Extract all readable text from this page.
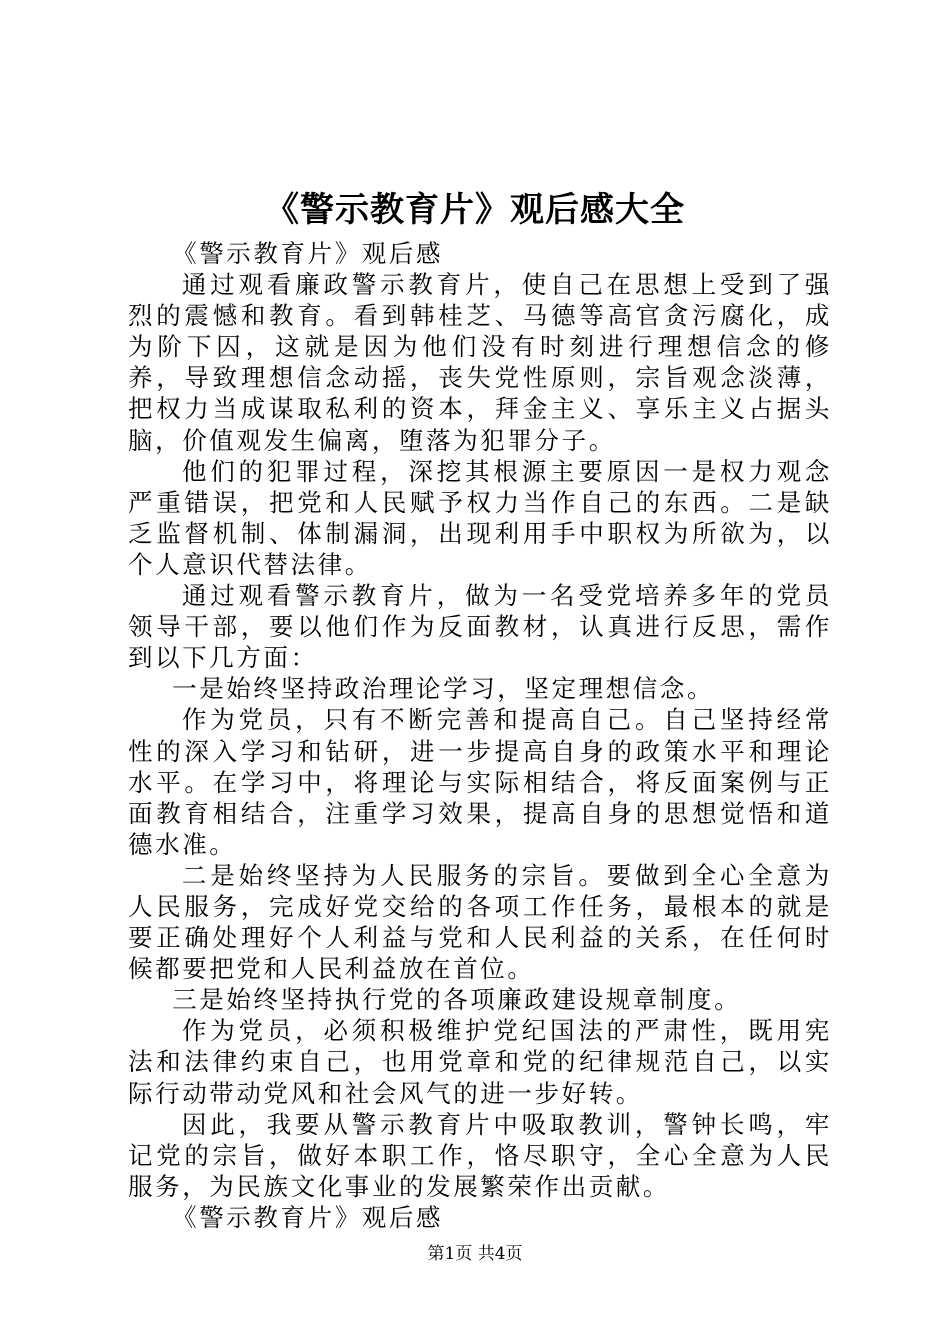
《警示教育片》观后感大全

《警示教育片》观后感

通过观看廉政警示教育片，使自己在思想上受到了强烈的震憾和教育。看到韩桂芝、马德等高官贪污腐化，成为阶下囚，这就是因为他们没有时刻进行理想信念的修养，导致理想信念动摇，丧失党性原则，宗旨观念淡薄，把权力当成谋取私利的资本，拜金主义、享乐主义占据头脑，价值观发生偏离，堕落为犯罪分子。

他们的犯罪过程，深挖其根源主要原因一是权力观念严重错误，把党和人民赋予权力当作自己的东西。二是缺乏监督机制、体制漏洞，出现利用手中职权为所欲为，以个人意识代替法律。

通过观看警示教育片，做为一名受党培养多年的党员领导干部，要以他们作为反面教材，认真进行反思，需作到以下几方面：

一是始终坚持政治理论学习，坚定理想信念。

作为党员，只有不断完善和提高自己。自己坚持经常性的深入学习和钻研，进一步提高自身的政策水平和理论水平。在学习中，将理论与实际相结合，将反面案例与正面教育相结合，注重学习效果，提高自身的思想觉悟和道德水准。

二是始终坚持为人民服务的宗旨。要做到全心全意为人民服务，完成好党交给的各项工作任务，最根本的就是要正确处理好个人利益与党和人民利益的关系，在任何时候都要把党和人民利益放在首位。

三是始终坚持执行党的各项廉政建设规章制度。

作为党员，必须积极维护党纪国法的严肃性，既用宪法和法律约束自己，也用党章和党的纪律规范自己，以实际行动带动党风和社会风气的进一步好转。

因此，我要从警示教育片中吸取教训，警钟长鸣，牢记党的宗旨，做好本职工作，恪尽职守，全心全意为人民服务，为民族文化事业的发展繁荣作出贡献。

《警示教育片》观后感

第1页 共4页
